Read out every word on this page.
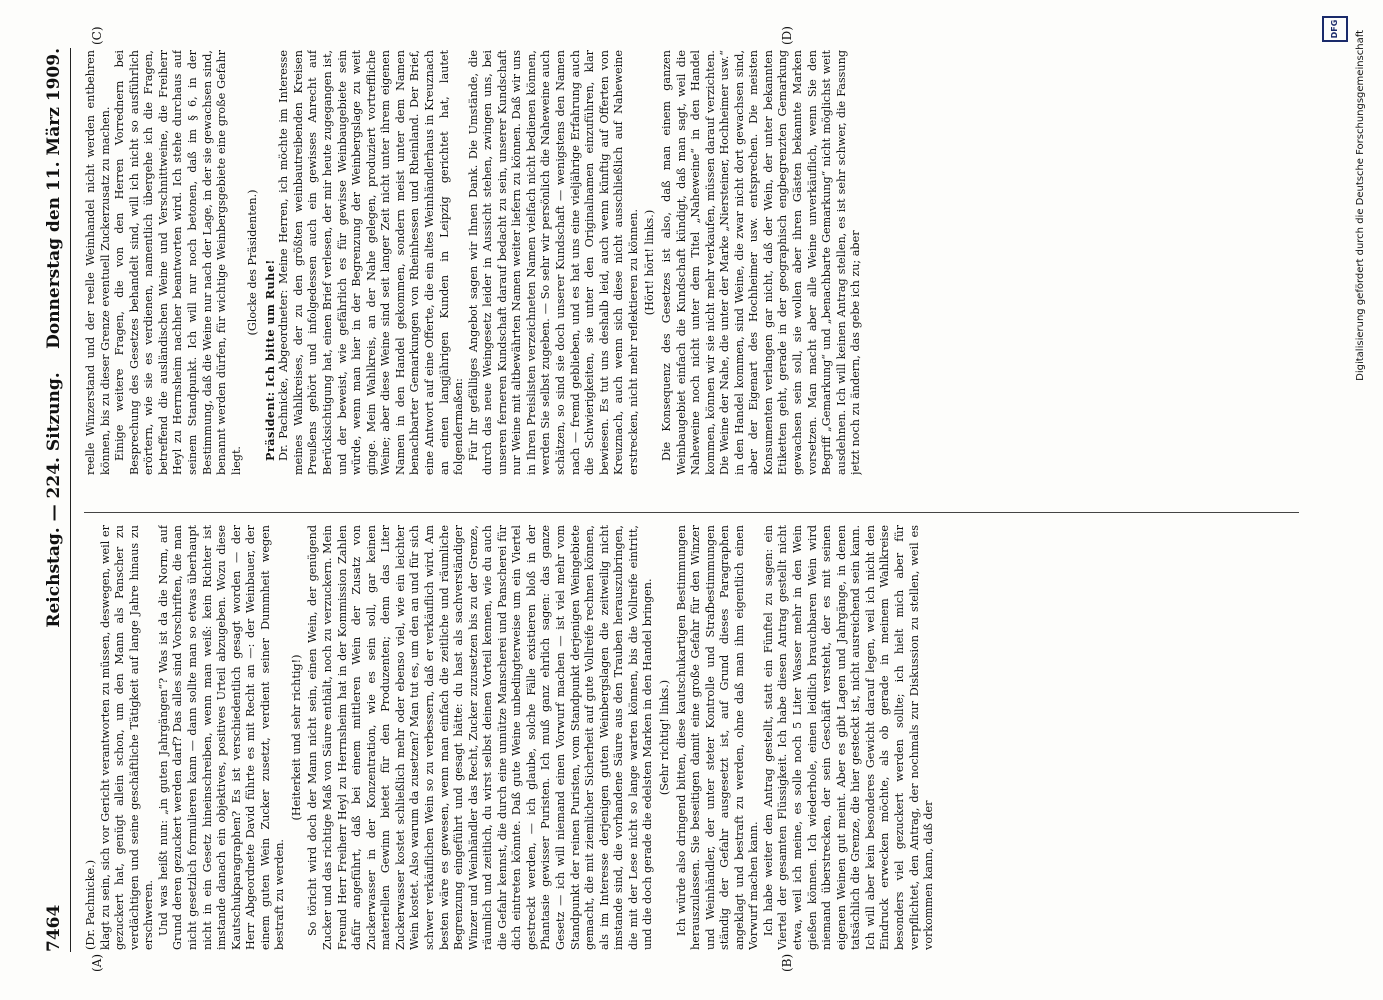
7464
Reichstag. — 224. Sitzung.
Donnerstag den 11. März 1909.
(A)	(B)
(C)	(D)

(Dr. Pachnicke.) klagt zu sein, sich vor Gericht verantworten zu müssen, deswegen, weil er gezuckert hat, genügt allein schon, um den Mann als Panscher zu verdächtigen und seine geschäftliche Tätigkeit auf lange Jahre hinaus zu erschweren. Und was heißt nun: „in guten Jahrgängen“? Was ist da die Norm, auf Grund deren gezuckert werden darf? Das alles sind Vorschriften, die man nicht gesetzlich formulieren kann — dann sollte man so etwas überhaupt nicht in ein Gesetz hineinschreiben, wenn man weiß: kein Richter ist imstande danach ein objektives, positives Urteil abzugeben. Wozu diese Kautschukparagraphen? Es ist verschiedentlich gesagt worden — der Herr Abgeordnete David führte es mit Recht an —: der Weinbauer, der einem guten Wein Zucker zusetzt, verdient seiner Dummheit wegen bestraft zu werden.

(Heiterkeit und sehr richtig!) So töricht wird doch der Mann nicht sein, einen Wein, der genügend Zucker und das richtige Maß von Säure enthält, noch zu verzuckern. Mein Freund Herr Freiherr Heyl zu Herrnsheim hat in der Kommission Zahlen dafür angeführt, daß bei einem mittleren Wein der Zusatz von Zuckerwasser in der Konzentration, wie es sein soll, gar keinen materiellen Gewinn bietet für den Produzenten; denn das Liter Zuckerwasser kostet schließlich mehr oder ebenso viel, wie ein leichter Wein kostet. Also warum da zusetzen? Man tut es, um den an und für sich schwer verkäuflichen Wein so zu verbessern, daß er verkäuflich wird. Am besten wäre es gewesen, wenn man einfach die zeitliche und räumliche Begrenzung eingeführt und gesagt hätte: du hast als sachverständiger Winzer und Weinhändler das Recht, Zucker zuzusetzen bis zu der Grenze, räumlich und zeitlich, du wirst selbst deinen Vorteil kennen, wie du auch die Gefahr kennst, die durch eine unnütze Manscherei und Panscherei für dich eintreten könnte. Daß gute Weine unbedingterweise um ein Viertel gestreckt werden, — ich glaube, solche Fälle existieren bloß in der Phantasie gewisser Puristen. Ich muß ganz ehrlich sagen: das ganze Gesetz — ich will niemand einen Vorwurf machen — ist viel mehr vom Standpunkt der reinen Puristen, vom Standpunkt derjenigen Weingebiete gemacht, die mit ziemlicher Sicherheit auf gute Vollreife rechnen können, als im Interesse derjenigen guten Weinbergslagen die zeitweilig nicht imstande sind, die vorhandene Säure aus den Trauben herauszubringen, die mit der Lese nicht so lange warten können, bis die Vollreife eintritt, und die doch gerade die edelsten Marken in den Handel bringen. (Sehr richtig! links.) Ich würde also dringend bitten, diese kautschukartigen Bestimmungen herauszulassen. Sie beseitigen damit eine große Gefahr für den Winzer und Weinhändler, der unter steter Kontrolle und Strafbestimmungen ständig der Gefahr ausgesetzt ist, auf Grund dieses Paragraphen angeklagt und bestraft zu werden, ohne daß man ihm eigentlich einen Vorwurf machen kann. Ich habe weiter den Antrag gestellt, statt ein Fünftel zu sagen: ein Viertel der gesamten Flüssigkeit. Ich habe diesen Antrag gestellt nicht etwa, weil ich meine, es solle noch 5 Liter Wasser mehr in den Wein gießen können. Ich wiederhole, einen leidlich brauchbaren Wein wird niemand überstrecken, der sein Geschäft versteht, der es mit seinen eigenen Weinen gut meint. Aber es gibt Lagen und Jahrgänge, in denen tatsächlich die Grenze, die hier gesteckt ist, nicht ausreichend sein kann. Ich will aber kein besonderes Gewicht darauf legen, weil ich nicht den Eindruck erwecken möchte, als ob gerade in meinem Wahlkreise besonders viel gezuckert werden sollte; ich hielt mich aber für verpflichtet, den Antrag, der nochmals zur Diskussion zu stellen, weil es vorkommen kann, daß der

reelle Winzerstand und der reelle Weinhandel nicht werden entbehren können, bis zu dieser Grenze eventuell Zuckerzusatz zu machen. Einige weitere Fragen, die von den Herren Vorrednern bei Besprechung des Gesetzes behandelt sind, will ich nicht so ausführlich erörtern, wie sie es verdienen, namentlich übergehe ich die Fragen, betreffend die ausländischen Weine und Verschnittweine, die Freiherr Heyl zu Herrnsheim nachher beantworten wird. Ich stehe durchaus auf seinem Standpunkt. Ich will nur noch betonen, daß im § 6, in der Bestimmung, daß die Weine nur nach der Lage, in der sie gewachsen sind, benannt werden dürfen, für wichtige Weinbergsgebiete eine große Gefahr liegt.

(Glocke des Präsidenten.) Präsident: Ich bitte um Ruhe! Dr. Pachnicke, Abgeordneter: Meine Herren, ich möchte im Interesse meines Wahlkreises, der zu den größten weinbautreibenden Kreisen Preußens gehört und infolgedessen auch ein gewisses Anrecht auf Berücksichtigung hat, einen Brief verlesen, der mir heute zugegangen ist, und der beweist, wie gefährlich es für gewisse Weinbaugebiete sein würde, wenn man hier in der Begrenzung der Weinbergslage zu weit ginge. Mein Wahlkreis, an der Nahe gelegen, produziert vortreffliche Weine; aber diese Weine sind seit langer Zeit nicht unter ihrem eigenen Namen in den Handel gekommen, sondern meist unter dem Namen benachbarter Gemarkungen von Rheinhessen und Rheinland. Der Brief, eine Antwort auf eine Offerte, die ein altes Weinhändlerhaus in Kreuznach an einen langjährigen Kunden in Leipzig gerichtet hat, lautet folgendermaßen: Für Ihr gefälliges Angebot sagen wir Ihnen Dank. Die Umstände, die durch das neue Weingesetz leider in Aussicht stehen, zwingen uns, bei unseren ferneren Kundschaft darauf bedacht zu sein, unserer Kundschaft nur Weine mit altbewährten Namen weiter liefern zu können. Daß wir uns in Ihren Preislisten verzeichneten Namen vielfach nicht bedienen können, werden Sie selbst zugeben. — So sehr wir persönlich die Naheweine auch schätzen, so sind sie doch unserer Kundschaft — wenigstens den Namen nach — fremd geblieben, und es hat uns eine vieljährige Erfahrung auch die Schwierigkeiten, sie unter den Originalnamen einzuführen, klar bewiesen. Es tut uns deshalb leid, auch wenn künftig auf Offerten von Kreuznach, auch wenn sich diese nicht ausschließlich auf Naheweine erstrecken, nicht mehr reflektieren zu können. (Hört! hört! links.) Die Konsequenz des Gesetzes ist also, daß man einem ganzen Weinbaugebiet einfach die Kundschaft kündigt, daß man sagt, weil die Naheweine noch nicht unter dem Titel „Naheweine“ in den Handel kommen, können wir sie nicht mehr verkaufen, müssen darauf verzichten. Die Weine der Nahe, die unter der Marke „Niersteiner, Hochheimer usw.“ in den Handel kommen, sind Weine, die zwar nicht dort gewachsen sind, aber der Eigenart des Hochheimer usw. entsprechen. Die meisten Konsumenten verlangen gar nicht, daß der Wein, der unter bekannten Etiketten geht, gerade in der geographisch engbegrenzten Gemarkung gewachsen sein soll, sie wollen aber ihren Gästen bekannte Marken vorsetzen. Man macht aber alle Weine unverkäuflich, wenn Sie den Begriff „Gemarkung“ und „benachbarte Gemarkung“ nicht möglichst weit ausdehnen. Ich will keinen Antrag stellen, es ist sehr schwer, die Fassung jetzt noch zu ändern, das gebe ich zu; aber

DFG
Digitalisierung gefördert durch die Deutsche Forschungsgemeinschaft
